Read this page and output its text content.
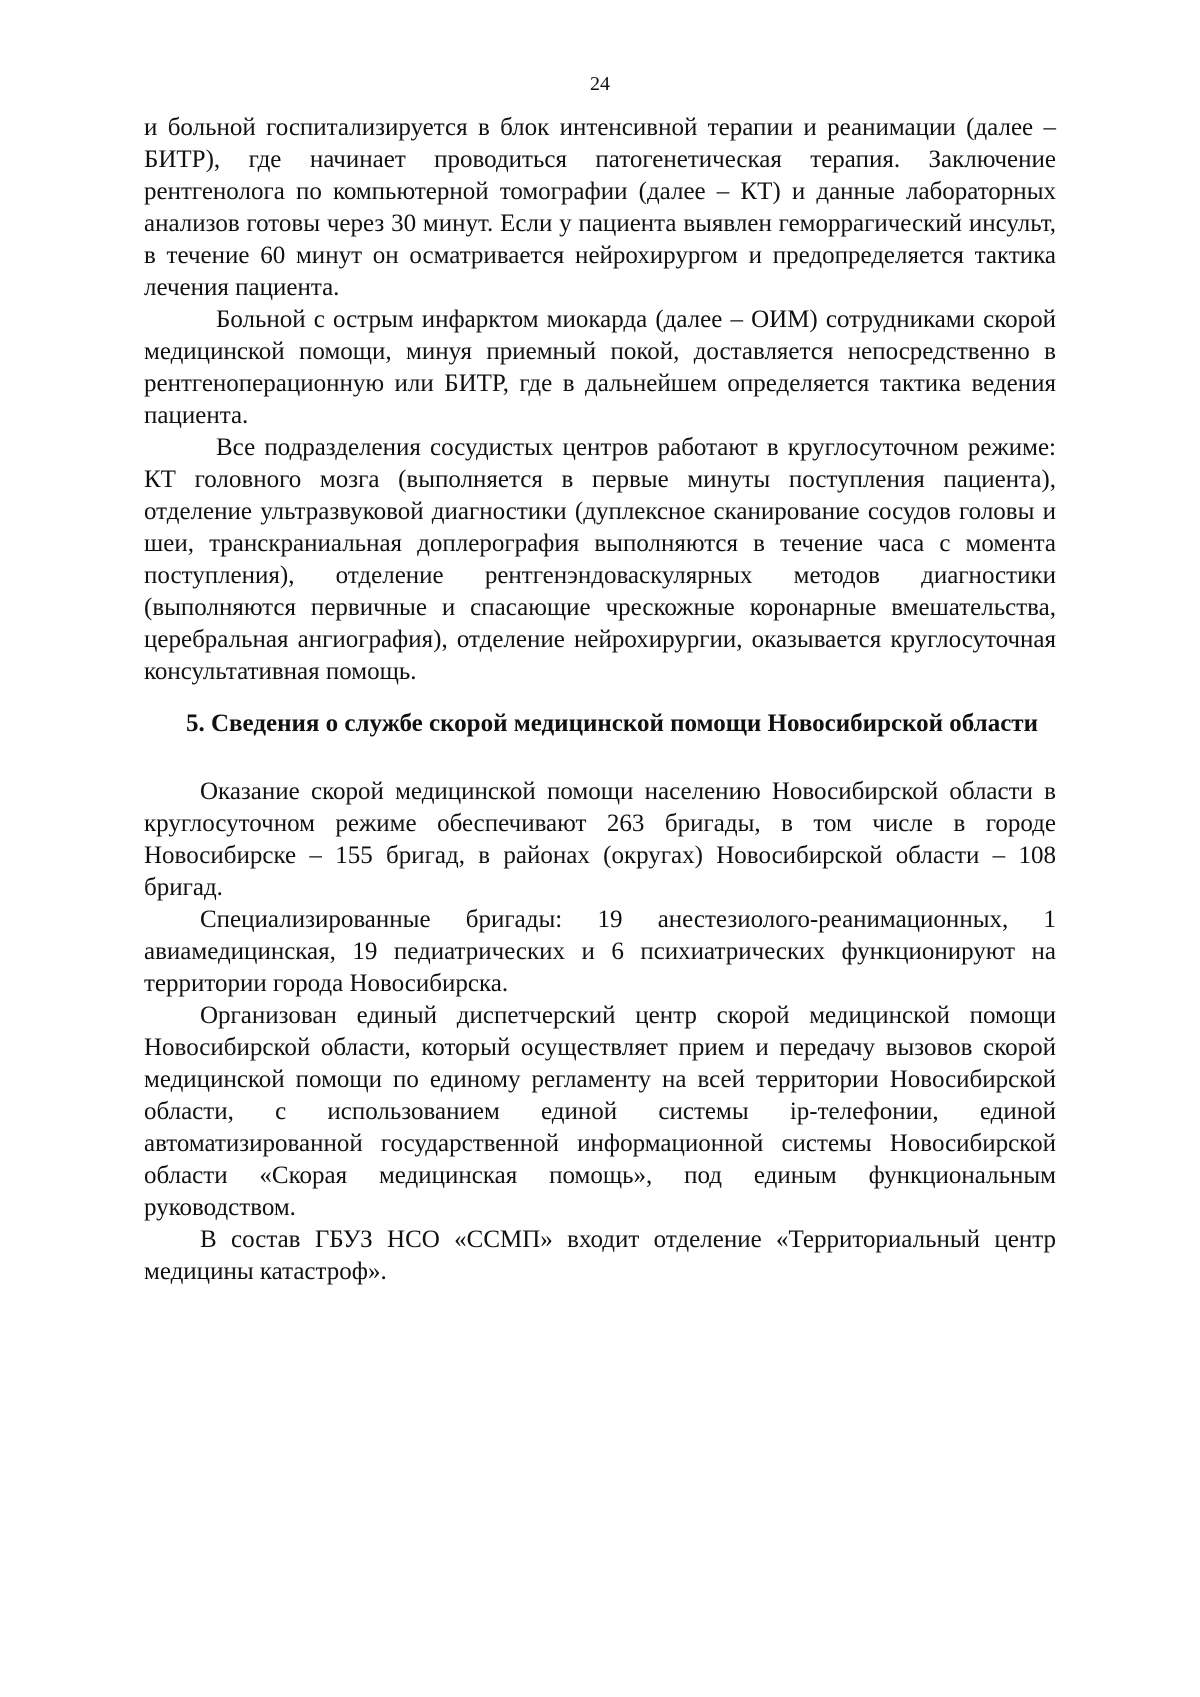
24

и больной госпитализируется в блок интенсивной терапии и реанимации (далее – БИТР), где начинает проводиться патогенетическая терапия. Заключение рентгенолога по компьютерной томографии (далее – КТ) и данные лабораторных анализов готовы через 30 минут. Если у пациента выявлен геморрагический инсульт, в течение 60 минут он осматривается нейрохирургом и предопределяется тактика лечения пациента.

Больной с острым инфарктом миокарда (далее – ОИМ) сотрудниками скорой медицинской помощи, минуя приемный покой, доставляется непосредственно в рентгеноперационную или БИТР, где в дальнейшем определяется тактика ведения пациента.

Все подразделения сосудистых центров работают в круглосуточном режиме: КТ головного мозга (выполняется в первые минуты поступления пациента), отделение ультразвуковой диагностики (дуплексное сканирование сосудов головы и шеи, транскраниальная доплерография выполняются в течение часа с момента поступления), отделение рентгенэндоваскулярных методов диагностики (выполняются первичные и спасающие чрескожные коронарные вмешательства, церебральная ангиография), отделение нейрохирургии, оказывается круглосуточная консультативная помощь.

5. Сведения о службе скорой медицинской помощи Новосибирской области

Оказание скорой медицинской помощи населению Новосибирской области в круглосуточном режиме обеспечивают 263 бригады, в том числе в городе Новосибирске – 155 бригад, в районах (округах) Новосибирской области – 108 бригад.

Специализированные бригады: 19 анестезиолого-реанимационных, 1 авиамедицинская, 19 педиатрических и 6 психиатрических функционируют на территории города Новосибирска.

Организован единый диспетчерский центр скорой медицинской помощи Новосибирской области, который осуществляет прием и передачу вызовов скорой медицинской помощи по единому регламенту на всей территории Новосибирской области, с использованием единой системы ip-телефонии, единой автоматизированной государственной информационной системы Новосибирской области «Скорая медицинская помощь», под единым функциональным руководством.

В состав ГБУЗ НСО «ССМП» входит отделение «Территориальный центр медицины катастроф».
